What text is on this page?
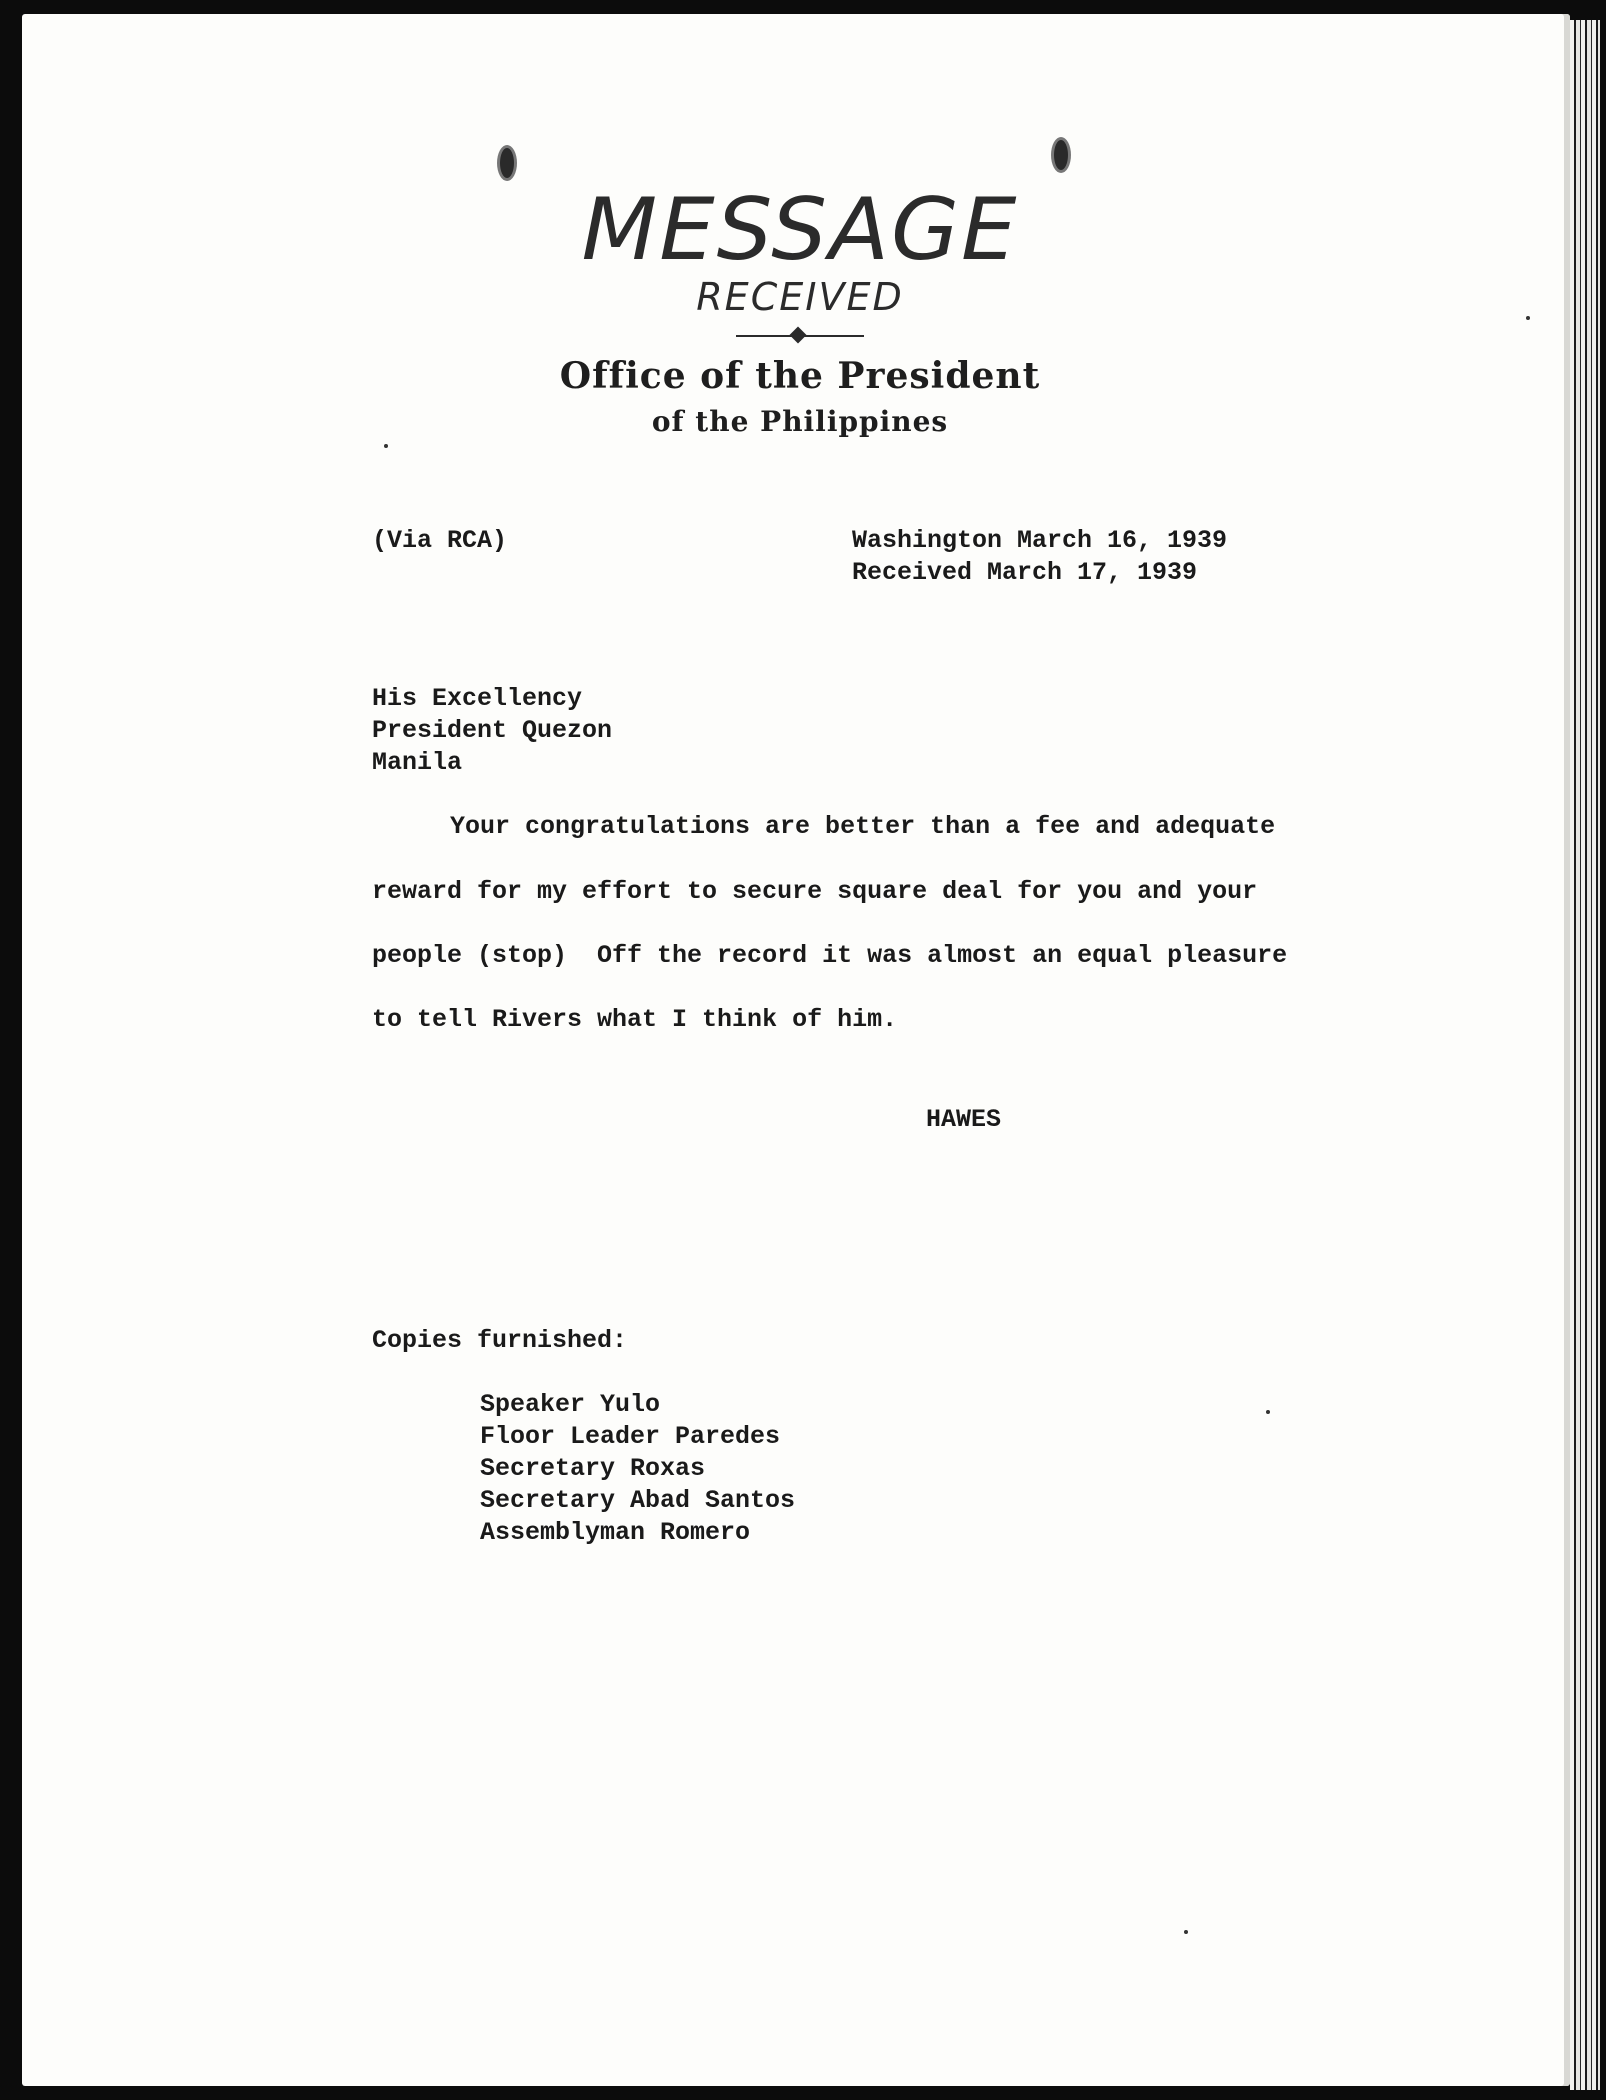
MESSAGE
RECEIVED
Office of the President
of the Philippines
(Via RCA)	Washington March 16, 1939
Received March 17, 1939
His Excellency
President Quezon
Manila
Your congratulations are better than a fee and adequate
reward for my effort to secure square deal for you and your
people (stop)  Off the record it was almost an equal pleasure
to tell Rivers what I think of him.
HAWES
Copies furnished:
Speaker Yulo
Floor Leader Paredes
Secretary Roxas
Secretary Abad Santos
Assemblyman Romero
